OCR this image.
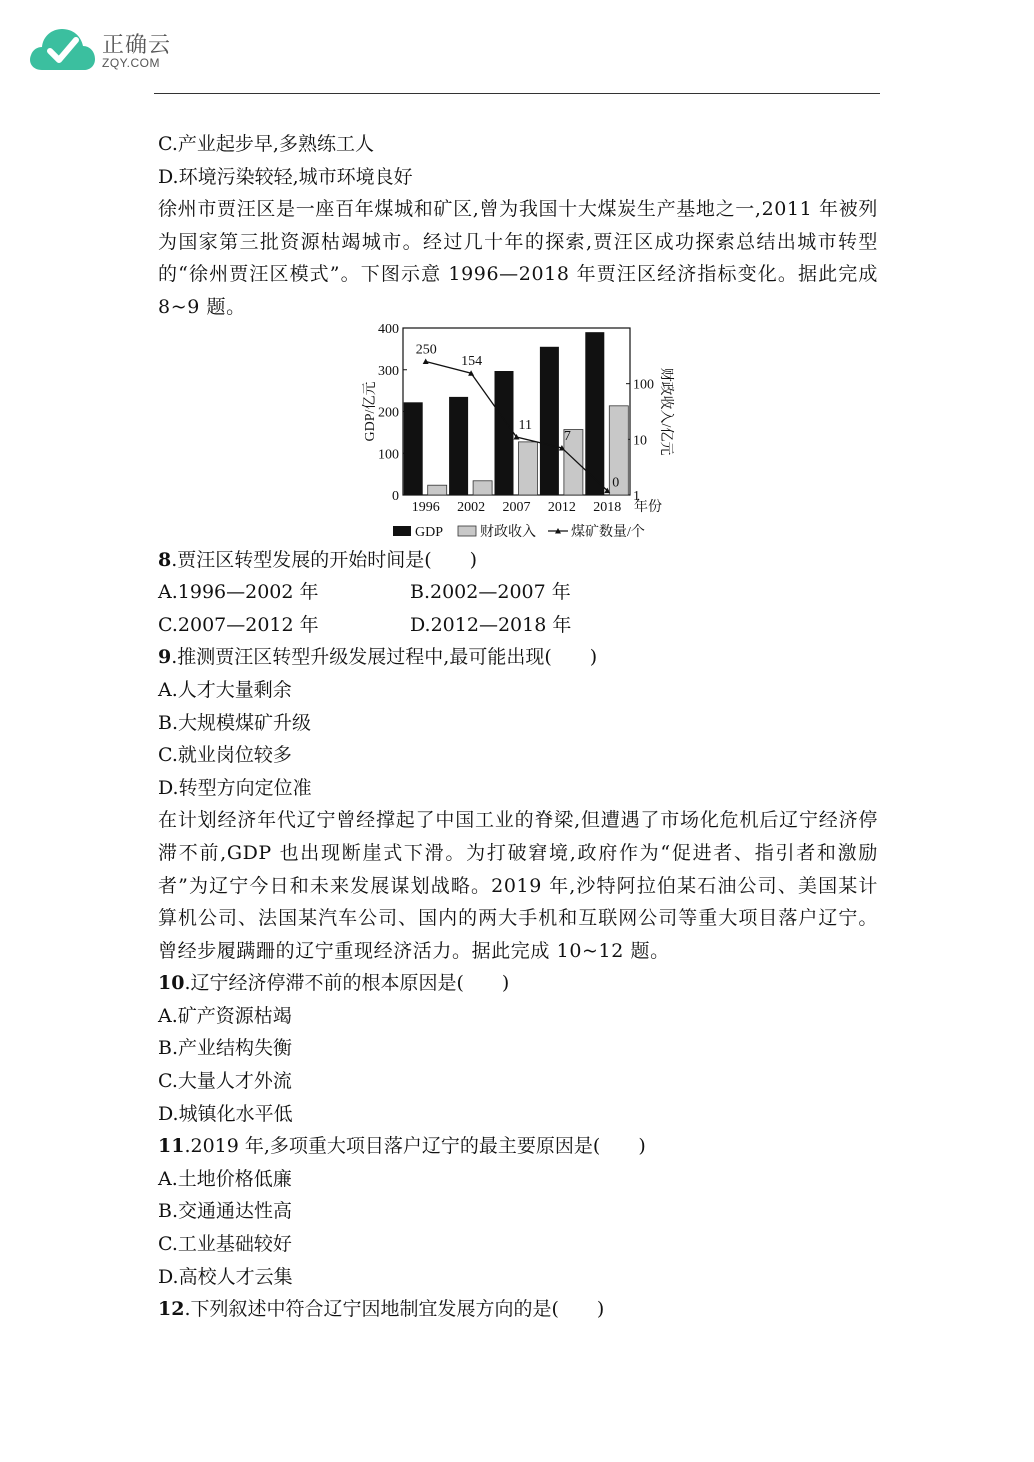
正确云
ZQY.COM
C.产业起步早,多熟练工人
D.环境污染较轻,城市环境良好
徐州市贾汪区是一座百年煤城和矿区,曾为我国十大煤炭生产基地之一,2011 年被列为国家第三批资源枯竭城市。经过几十年的探索,贾汪区成功探索总结出城市转型的“徐州贾汪区模式”。下图示意 1996—2018 年贾汪区经济指标变化。据此完成 8~9 题。
0
100
200
300
400
1
10
100
GDP/亿元	财政收入/亿元
1996 2002 2007 2012 2018 年份
250
154
11
7
0
GDP	财政收入	煤矿数量/个
8.贾汪区转型发展的开始时间是(　　)
A.1996—2002 年	B.2002—2007 年
C.2007—2012 年	D.2012—2018 年
9.推测贾汪区转型升级发展过程中,最可能出现(　　)
A.人才大量剩余
B.大规模煤矿升级
C.就业岗位较多
D.转型方向定位准
在计划经济年代辽宁曾经撑起了中国工业的脊梁,但遭遇了市场化危机后辽宁经济停滞不前,GDP 也出现断崖式下滑。为打破窘境,政府作为“促进者、指引者和激励者”为辽宁今日和未来发展谋划战略。2019 年,沙特阿拉伯某石油公司、美国某计算机公司、法国某汽车公司、国内的两大手机和互联网公司等重大项目落户辽宁。曾经步履蹒跚的辽宁重现经济活力。据此完成 10~12 题。
10.辽宁经济停滞不前的根本原因是(　　)
A.矿产资源枯竭
B.产业结构失衡
C.大量人才外流
D.城镇化水平低
11.2019 年,多项重大项目落户辽宁的最主要原因是(　　)
A.土地价格低廉
B.交通通达性高
C.工业基础较好
D.高校人才云集
12.下列叙述中符合辽宁因地制宜发展方向的是(　　)
